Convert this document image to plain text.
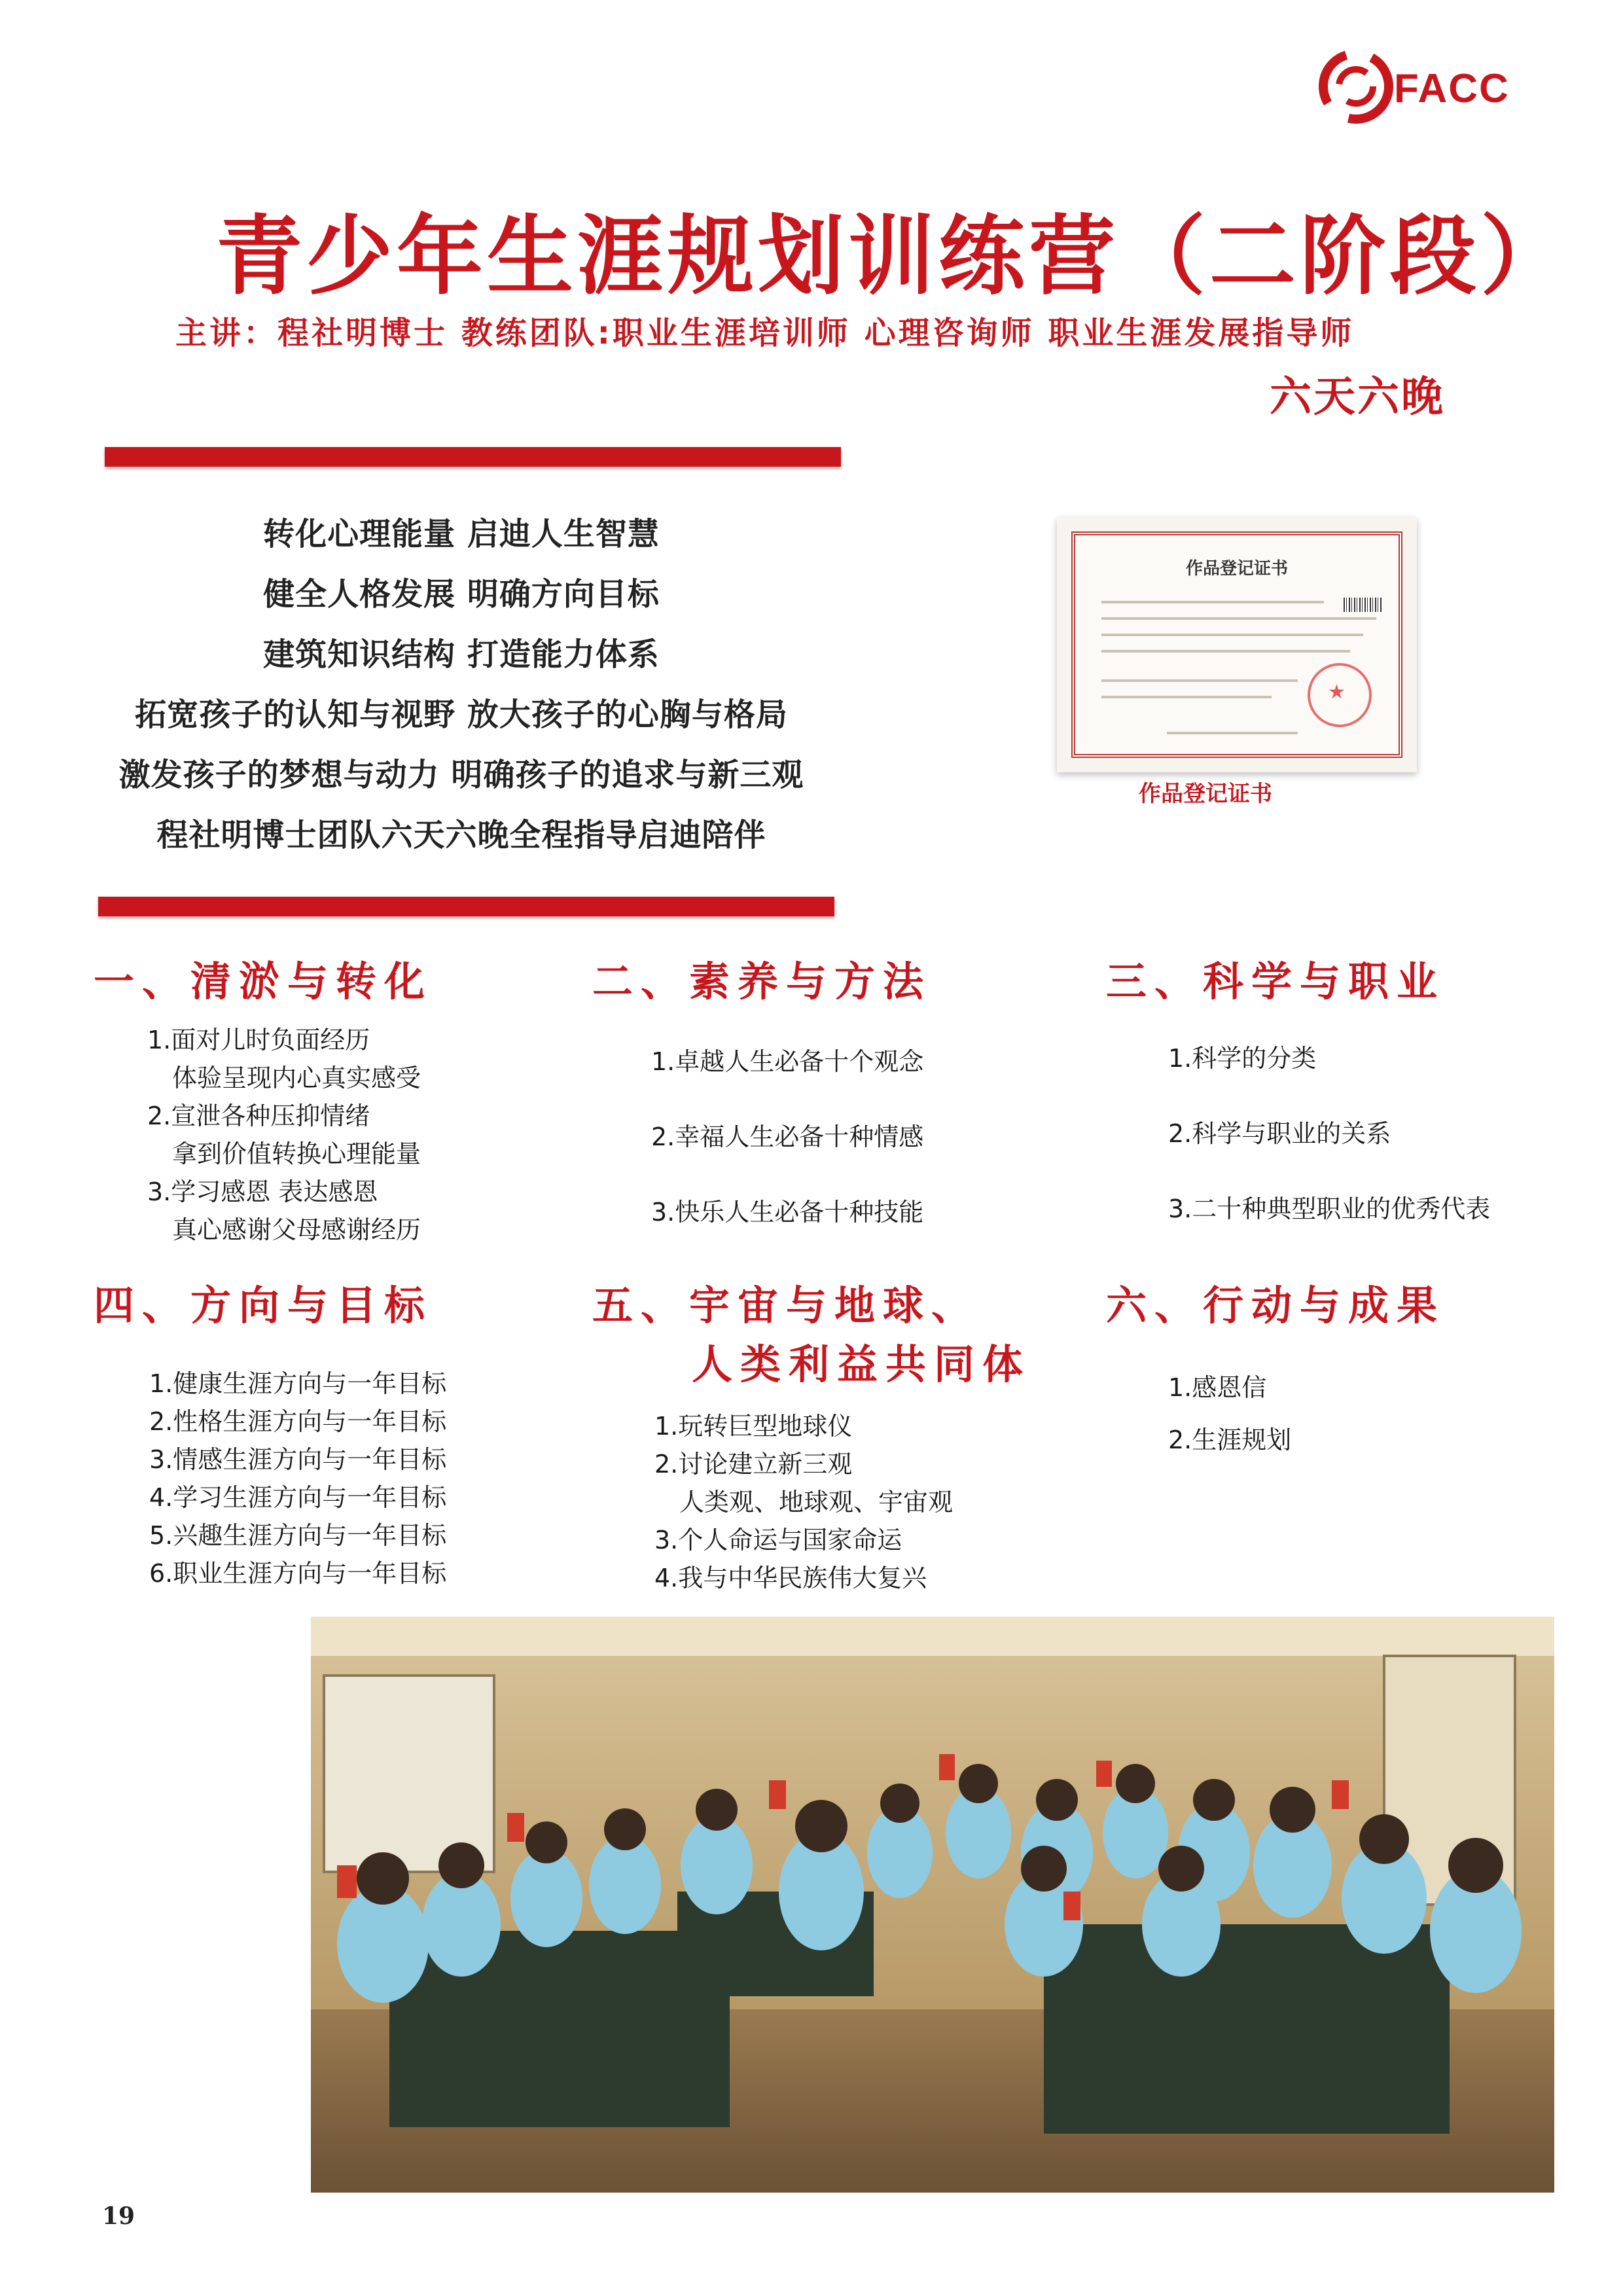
FACC
青少年生涯规划训练营（二阶段）
主讲：程社明博士 教练团队:职业生涯培训师 心理咨询师 职业生涯发展指导师
六天六晚
转化心理能量 启迪人生智慧
健全人格发展 明确方向目标
建筑知识结构 打造能力体系
拓宽孩子的认知与视野 放大孩子的心胸与格局
激发孩子的梦想与动力 明确孩子的追求与新三观
程社明博士团队六天六晚全程指导启迪陪伴
作品登记证书
★
作品登记证书
一、清淤与转化
1.面对儿时负面经历
体验呈现内心真实感受
2.宣泄各种压抑情绪
拿到价值转换心理能量
3.学习感恩 表达感恩
真心感谢父母感谢经历
二、素养与方法
1.卓越人生必备十个观念
2.幸福人生必备十种情感
3.快乐人生必备十种技能
三、科学与职业
1.科学的分类
2.科学与职业的关系
3.二十种典型职业的优秀代表
四、方向与目标
1.健康生涯方向与一年目标
2.性格生涯方向与一年目标
3.情感生涯方向与一年目标
4.学习生涯方向与一年目标
5.兴趣生涯方向与一年目标
6.职业生涯方向与一年目标
五、宇宙与地球、
人类利益共同体
1.玩转巨型地球仪
2.讨论建立新三观
人类观、地球观、宇宙观
3.个人命运与国家命运
4.我与中华民族伟大复兴
六、行动与成果
1.感恩信
2.生涯规划
19
